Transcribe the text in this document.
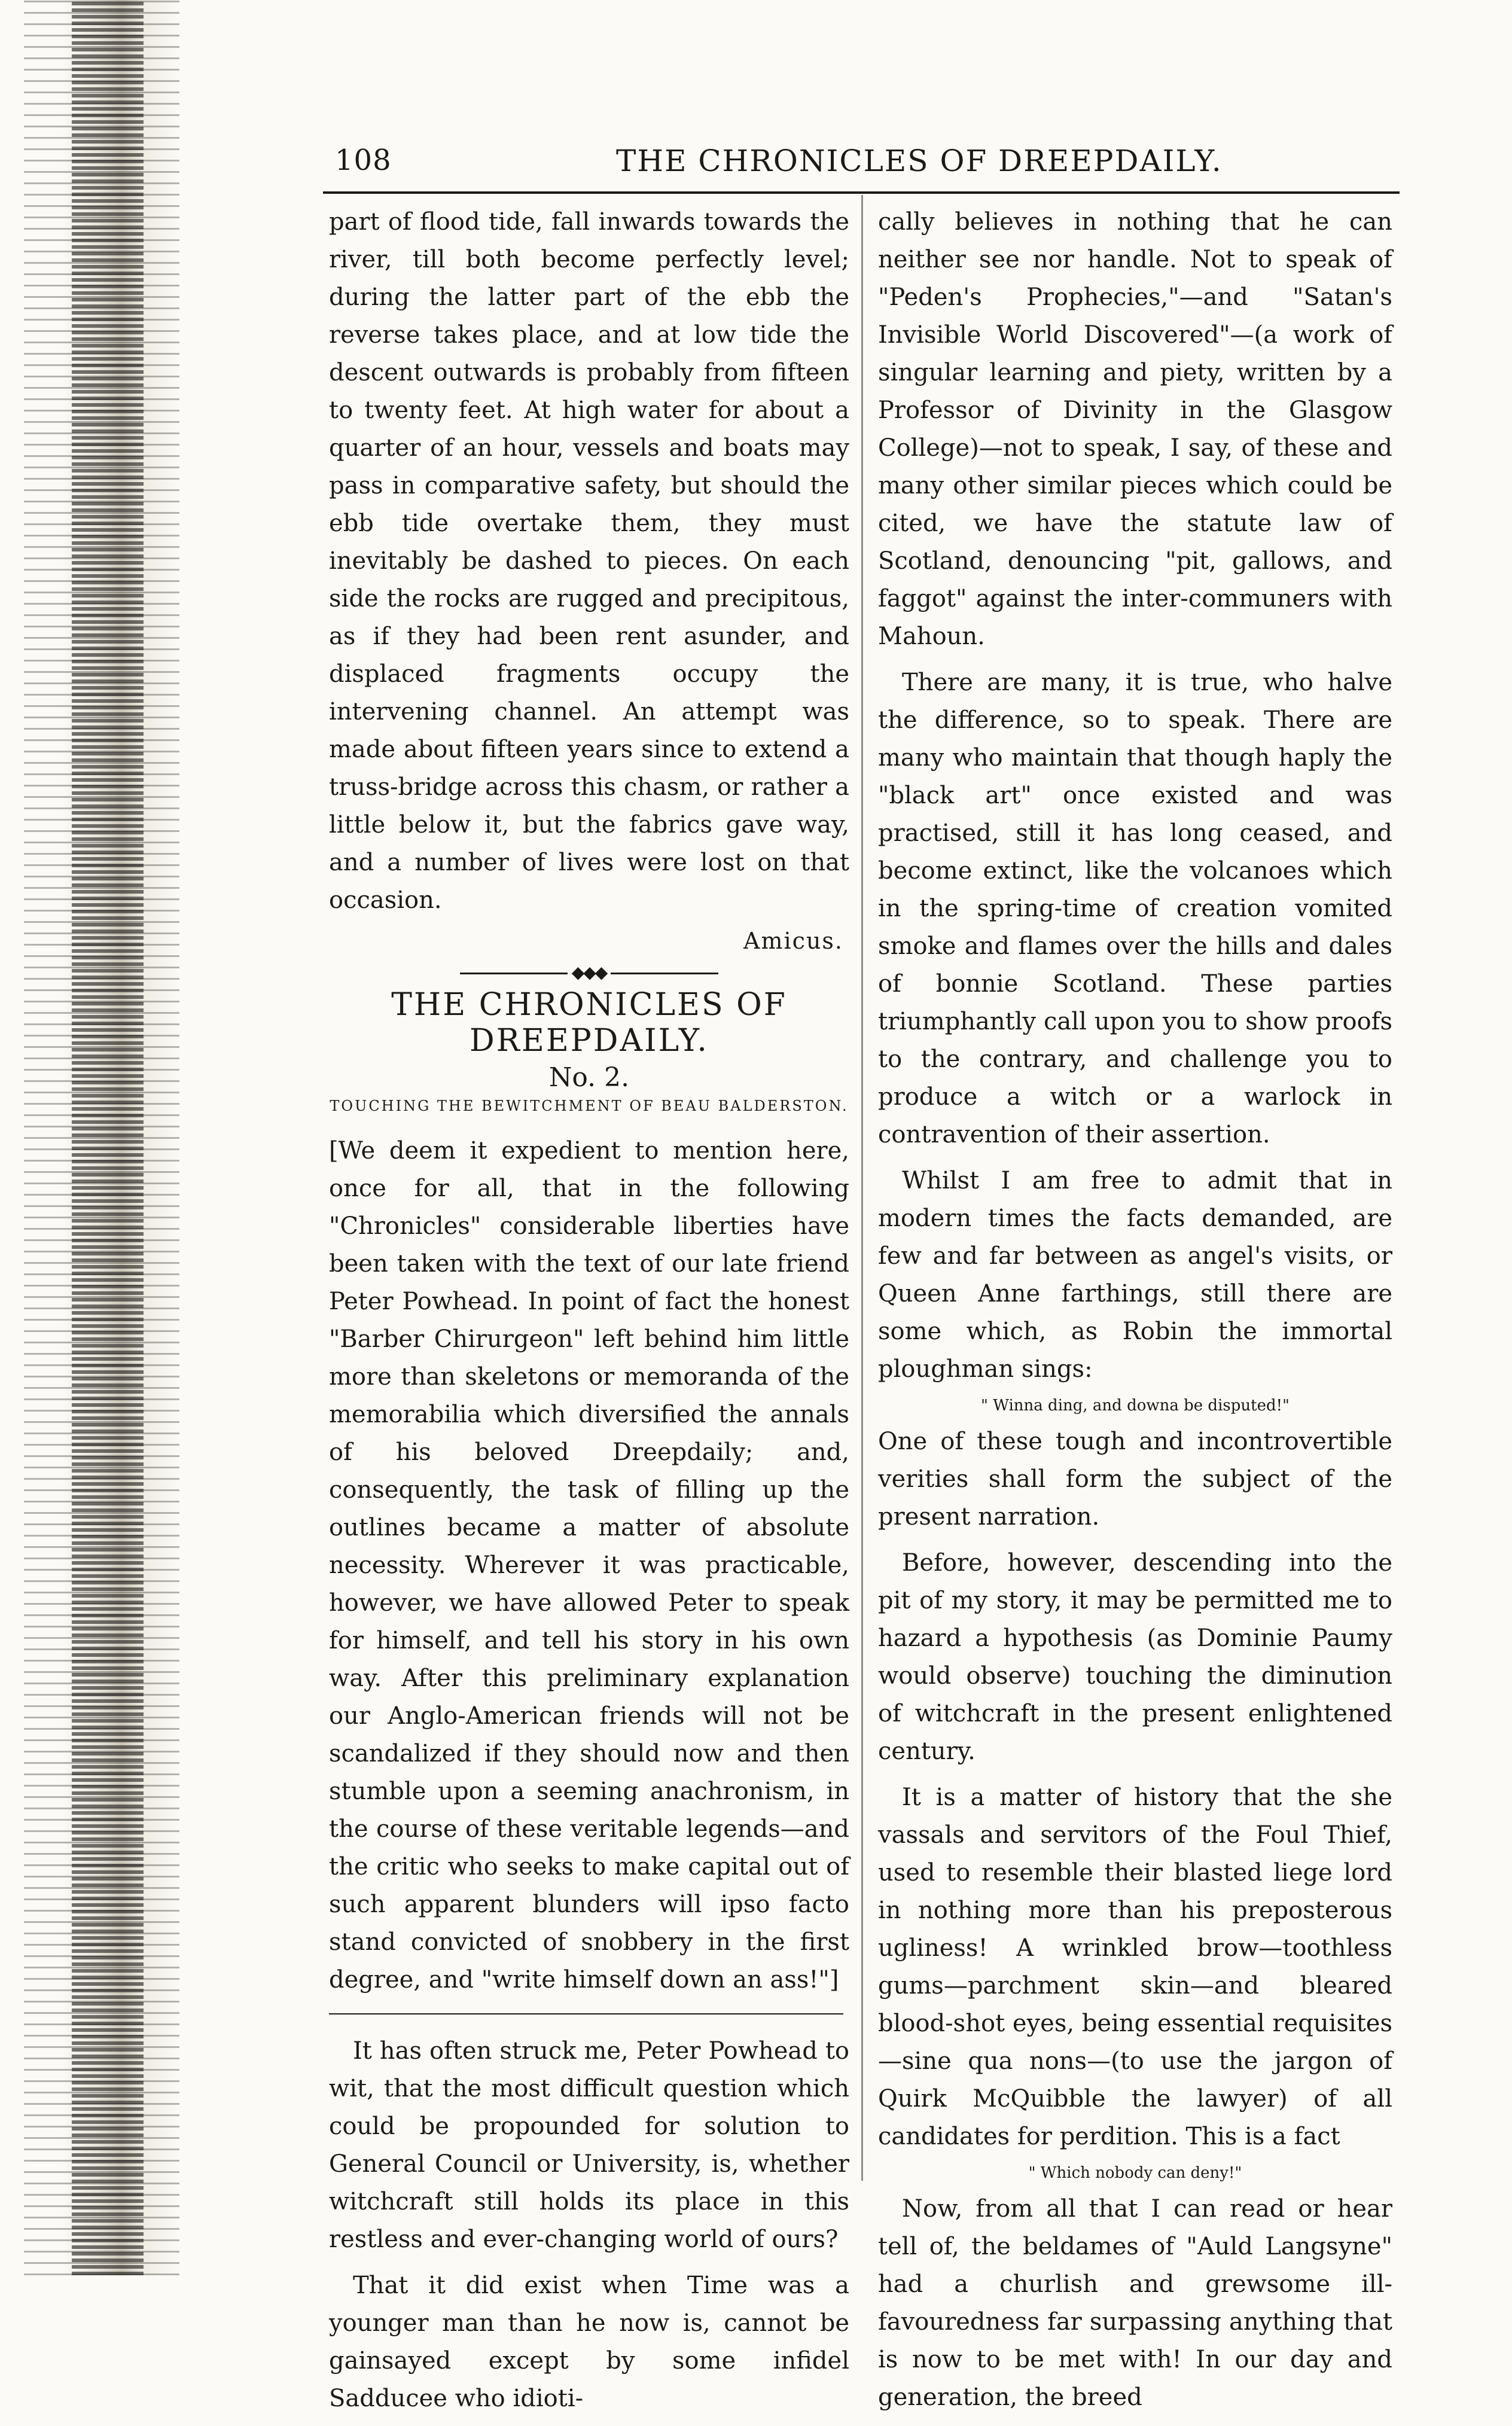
108	THE CHRONICLES OF DREEPDAILY.

part of flood tide, fall inwards towards the river, till both become perfectly level; during the latter part of the ebb the reverse takes place, and at low tide the descent outwards is probably from fifteen to twenty feet. At high water for about a quarter of an hour, vessels and boats may pass in comparative safety, but should the ebb tide overtake them, they must inevitably be dashed to pieces. On each side the rocks are rugged and precipitous, as if they had been rent asunder, and displaced fragments occupy the intervening channel. An attempt was made about fifteen years since to extend a truss-bridge across this chasm, or rather a little below it, but the fabrics gave way, and a number of lives were lost on that occasion.

Amicus.
◆◆◆
THE CHRONICLES OF DREEPDAILY.
No. 2.
TOUCHING THE BEWITCHMENT OF BEAU BALDERSTON.

[We deem it expedient to mention here, once for all, that in the following "Chronicles" considerable liberties have been taken with the text of our late friend Peter Powhead. In point of fact the honest "Barber Chirurgeon" left behind him little more than skeletons or memoranda of the memorabilia which diversified the annals of his beloved Dreepdaily; and, consequently, the task of filling up the outlines became a matter of absolute necessity. Wherever it was practicable, however, we have allowed Peter to speak for himself, and tell his story in his own way. After this preliminary explanation our Anglo-American friends will not be scandalized if they should now and then stumble upon a seeming anachronism, in the course of these veritable legends—and the critic who seeks to make capital out of such apparent blunders will ipso facto stand convicted of snobbery in the first degree, and "write himself down an ass!"]

It has often struck me, Peter Powhead to wit, that the most difficult question which could be propounded for solution to General Council or University, is, whether witchcraft still holds its place in this restless and ever-changing world of ours?

That it did exist when Time was a younger man than he now is, cannot be gainsayed except by some infidel Sadducee who idioti-

cally believes in nothing that he can neither see nor handle. Not to speak of "Peden's Prophecies,"—and "Satan's Invisible World Discovered"—(a work of singular learning and piety, written by a Professor of Divinity in the Glasgow College)—not to speak, I say, of these and many other similar pieces which could be cited, we have the statute law of Scotland, denouncing "pit, gallows, and faggot" against the inter-communers with Mahoun.

There are many, it is true, who halve the difference, so to speak. There are many who maintain that though haply the "black art" once existed and was practised, still it has long ceased, and become extinct, like the volcanoes which in the spring-time of creation vomited smoke and flames over the hills and dales of bonnie Scotland. These parties triumphantly call upon you to show proofs to the contrary, and challenge you to produce a witch or a warlock in contravention of their assertion.

Whilst I am free to admit that in modern times the facts demanded, are few and far between as angel's visits, or Queen Anne farthings, still there are some which, as Robin the immortal ploughman sings:

" Winna ding, and downa be disputed!"

One of these tough and incontrovertible verities shall form the subject of the present narration.

Before, however, descending into the pit of my story, it may be permitted me to hazard a hypothesis (as Dominie Paumy would observe) touching the diminution of witchcraft in the present enlightened century.

It is a matter of history that the she vassals and servitors of the Foul Thief, used to resemble their blasted liege lord in nothing more than his preposterous ugliness! A wrinkled brow—toothless gums—parchment skin—and bleared blood-shot eyes, being essential requisites—sine qua nons—(to use the jargon of Quirk McQuibble the lawyer) of all candidates for perdition. This is a fact

" Which nobody can deny!"

Now, from all that I can read or hear tell of, the beldames of "Auld Langsyne" had a churlish and grewsome ill-favouredness far surpassing anything that is now to be met with! In our day and generation, the breed
